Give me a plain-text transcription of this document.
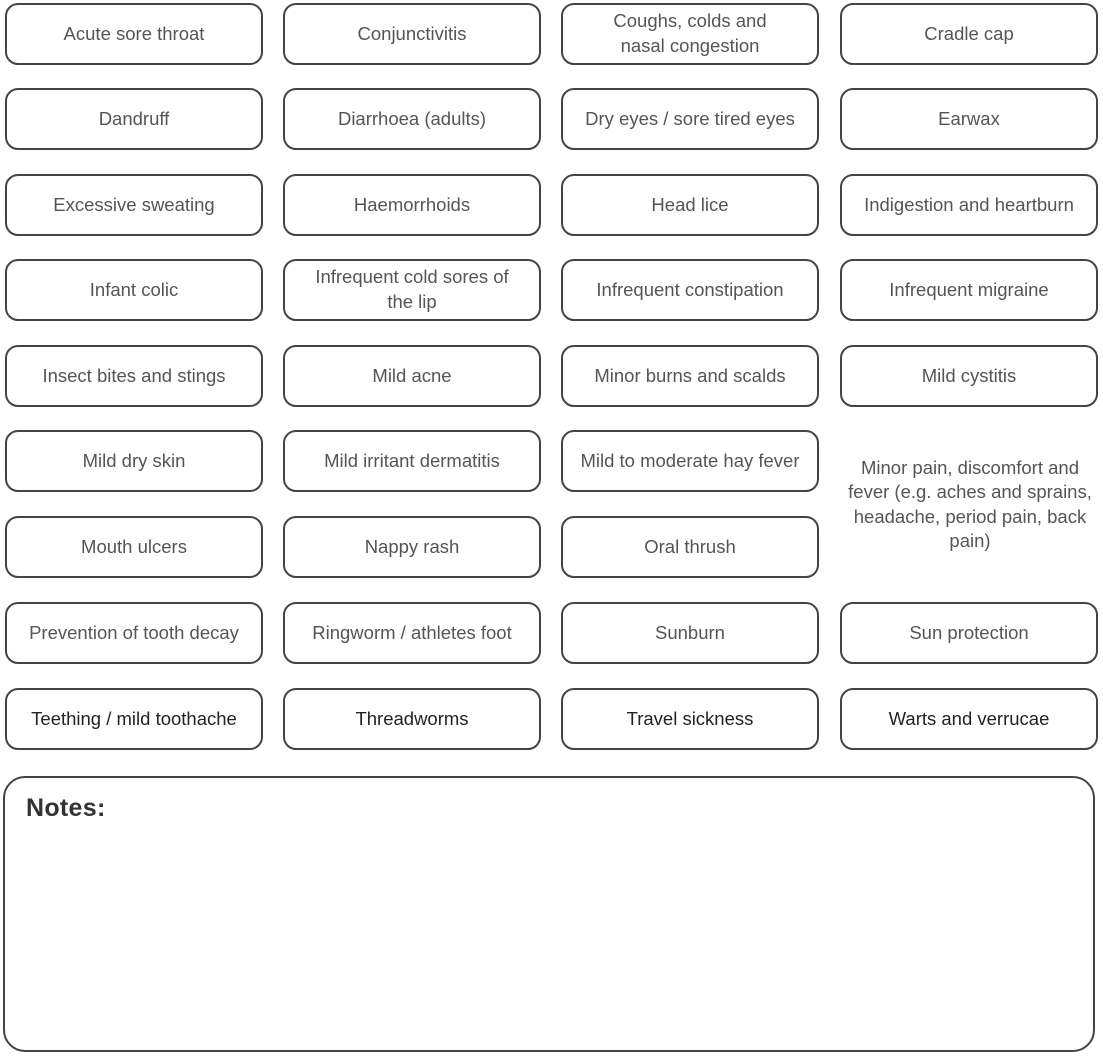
Acute sore throat	Conjunctivitis
Coughs, colds and nasal congestion
Cradle cap
Dandruff	Diarrhoea (adults)	Dry eyes / sore tired eyes	Earwax
Excessive sweating	Haemorrhoids	Head lice	Indigestion and heartburn
Infant colic
Infrequent cold sores of the lip
Infrequent constipation	Infrequent migraine
Insect bites and stings	Mild acne	Minor burns and scalds	Mild cystitis
Mild dry skin	Mild irritant dermatitis	Mild to moderate hay fever	Minor pain, discomfort and fever (e.g. aches and sprains, headache, period pain, back pain)
Mouth ulcers	Nappy rash	Oral thrush
Prevention of tooth decay	Ringworm / athletes foot	Sunburn	Sun protection
Teething / mild toothache	Threadworms	Travel sickness	Warts and verrucae
Notes:
